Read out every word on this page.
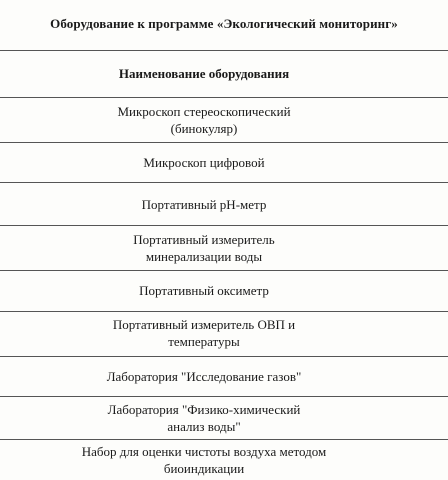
Оборудование к программе «Экологический мониторинг»
Наименование оборудования
Микроскоп стереоскопический (бинокуляр)
Микроскоп цифровой
Портативный pH-метр
Портативный измеритель минерализации воды
Портативный оксиметр
Портативный измеритель ОВП и температуры
Лаборатория "Исследование газов"
Лаборатория "Физико-химический анализ воды"
Набор для оценки чистоты воздуха методом биоиндикации
